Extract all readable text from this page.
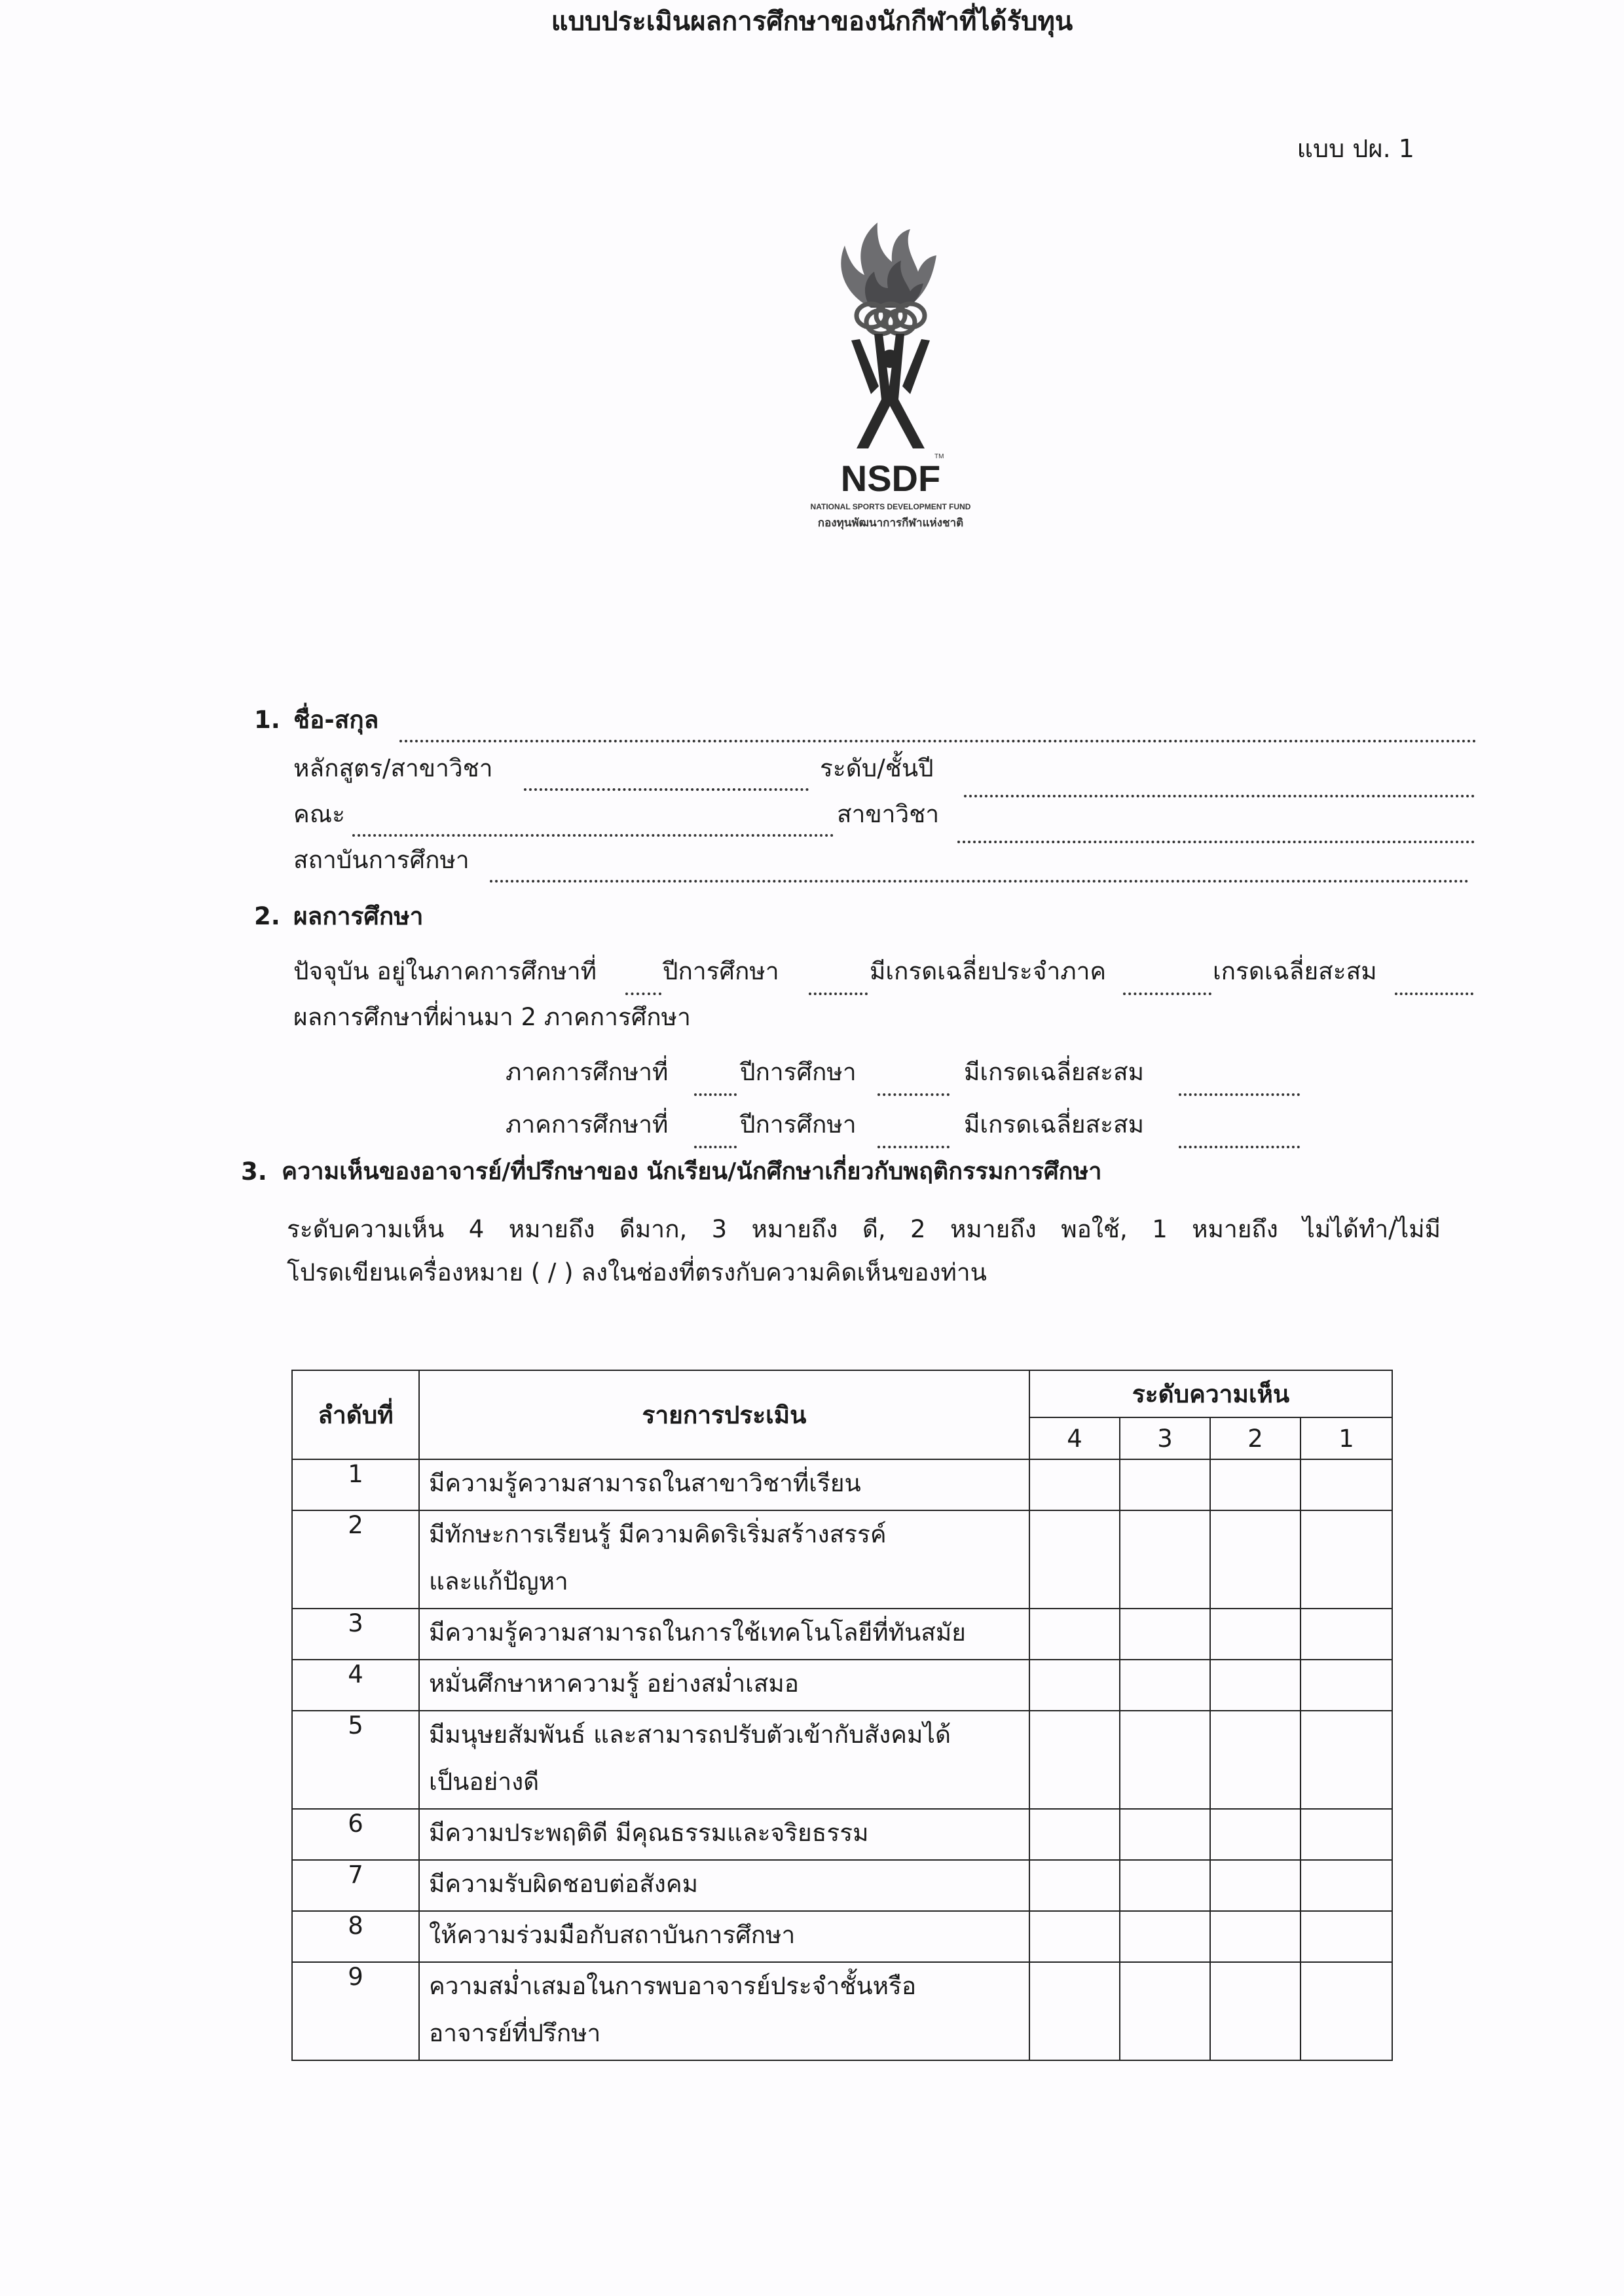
แบบ ปผ. 1
TM
NSDF
NATIONAL SPORTS DEVELOPMENT FUND
กองทุนพัฒนาการกีฬาแห่งชาติ
แบบประเมินผลการศึกษาของนักกีฬาที่ได้รับทุน
1. ชื่อ-สกุล
หลักสูตร/สาขาวิชา	ระดับ/ชั้นปี
คณะ	สาขาวิชา
สถาบันการศึกษา
2. ผลการศึกษา
ปัจจุบัน อยู่ในภาคการศึกษาที่	ปีการศึกษา	มีเกรดเฉลี่ยประจำภาค	เกรดเฉลี่ยสะสม
ผลการศึกษาที่ผ่านมา 2 ภาคการศึกษา
ภาคการศึกษาที่	ปีการศึกษา	มีเกรดเฉลี่ยสะสม
ภาคการศึกษาที่	ปีการศึกษา	มีเกรดเฉลี่ยสะสม
3. ความเห็นของอาจารย์/ที่ปรึกษาของ นักเรียน/นักศึกษาเกี่ยวกับพฤติกรรมการศึกษา
ระดับความเห็น 4 หมายถึง ดีมาก, 3 หมายถึง ดี, 2 หมายถึง พอใช้, 1 หมายถึง ไม่ได้ทำ/ไม่มี
โปรดเขียนเครื่องหมาย ( / ) ลงในช่องที่ตรงกับความคิดเห็นของท่าน
ลำดับที่	รายการประเมิน	ระดับความเห็น			
		4	3	2	1
1	มีความรู้ความสามารถในสาขาวิชาที่เรียน				

2	มีทักษะการเรียนรู้ มีความคิดริเริ่มสร้างสรรค์
และแก้ปัญหา				

3	มีความรู้ความสามารถในการใช้เทคโนโลยีที่ทันสมัย				

4	หมั่นศึกษาหาความรู้ อย่างสม่ำเสมอ				

5	มีมนุษยสัมพันธ์ และสามารถปรับตัวเข้ากับสังคมได้
เป็นอย่างดี				

6	มีความประพฤติดี มีคุณธรรมและจริยธรรม				

7	มีความรับผิดชอบต่อสังคม				

8	ให้ความร่วมมือกับสถาบันการศึกษา				

9	ความสม่ำเสมอในการพบอาจารย์ประจำชั้นหรือ
อาจารย์ที่ปรึกษา				
